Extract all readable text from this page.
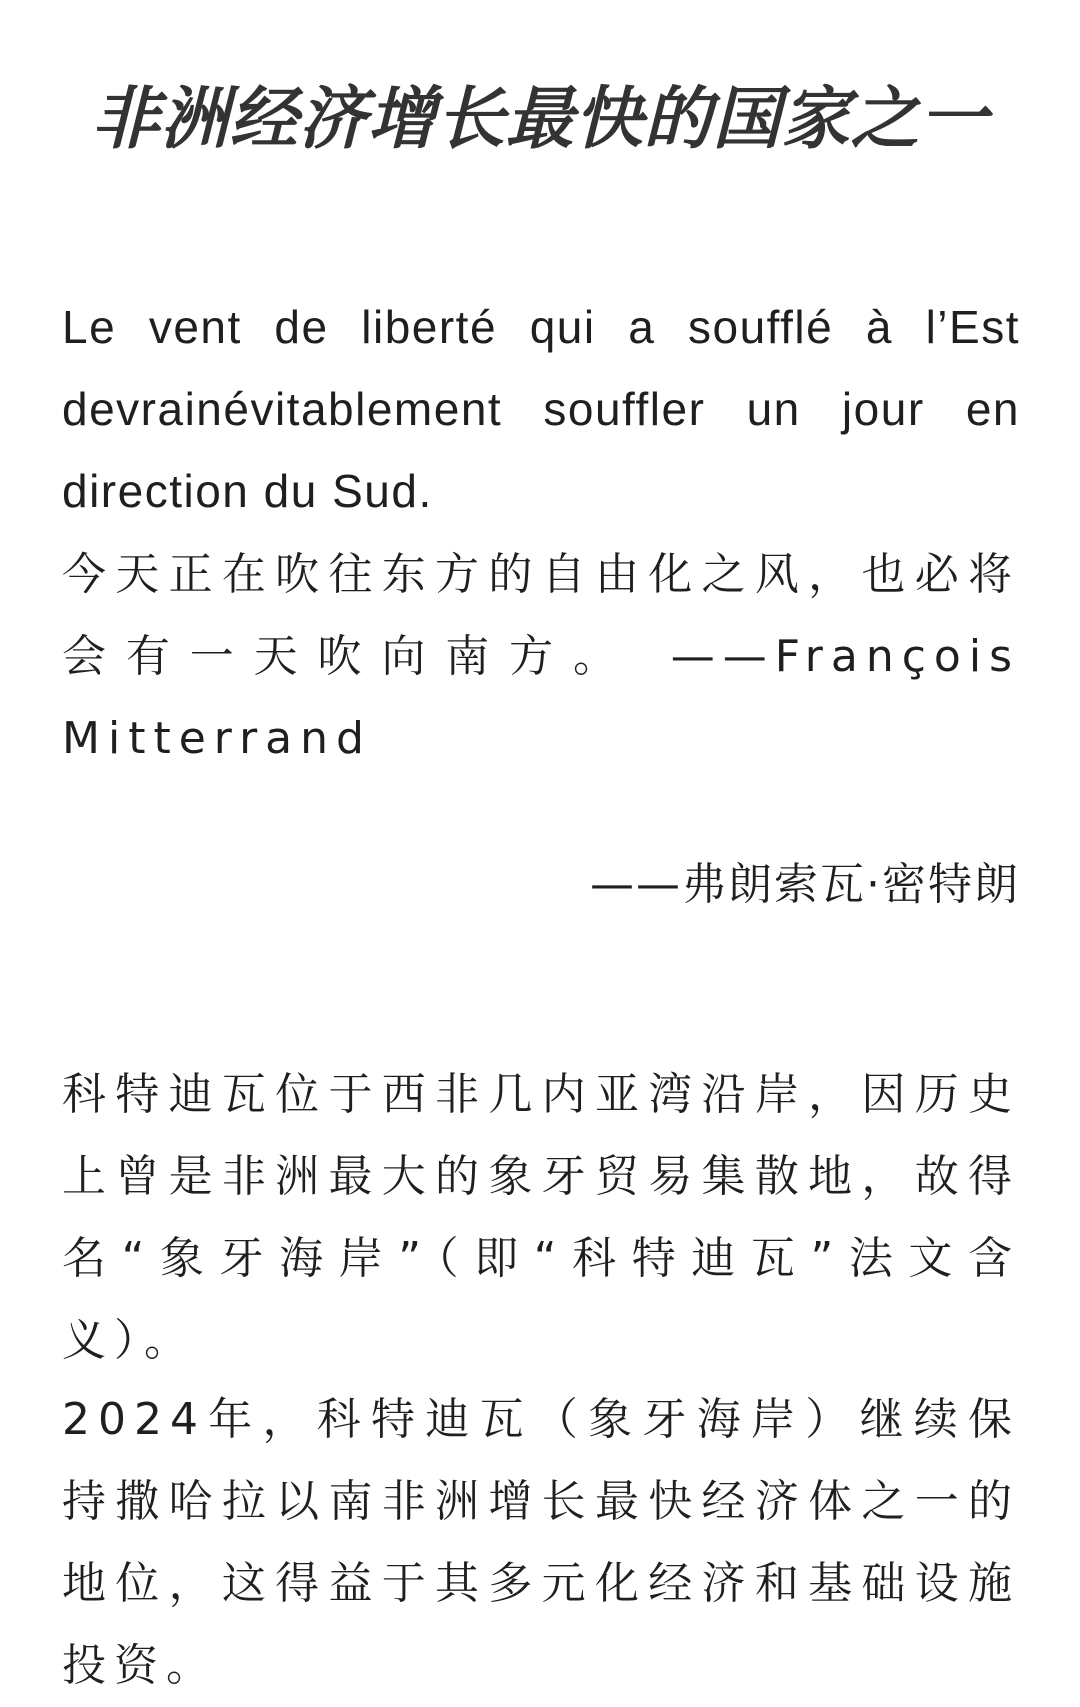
非洲经济增长最快的国家之一

Le vent de liberté qui a soufflé à l’Est devrainévitablement souffler un jour en direction du Sud.

今天正在吹往东方的自由化之风，也必将会有一天吹向南方。 ——François Mitterrand

——弗朗索瓦·密特朗

科特迪瓦位于西非几内亚湾沿岸，因历史上曾是非洲最大的象牙贸易集散地，故得名“象牙海岸”（即“科特迪瓦”法文含义）。

2024年，科特迪瓦（象牙海岸）继续保持撒哈拉以南非洲增长最快经济体之一的地位，这得益于其多元化经济和基础设施投资。
